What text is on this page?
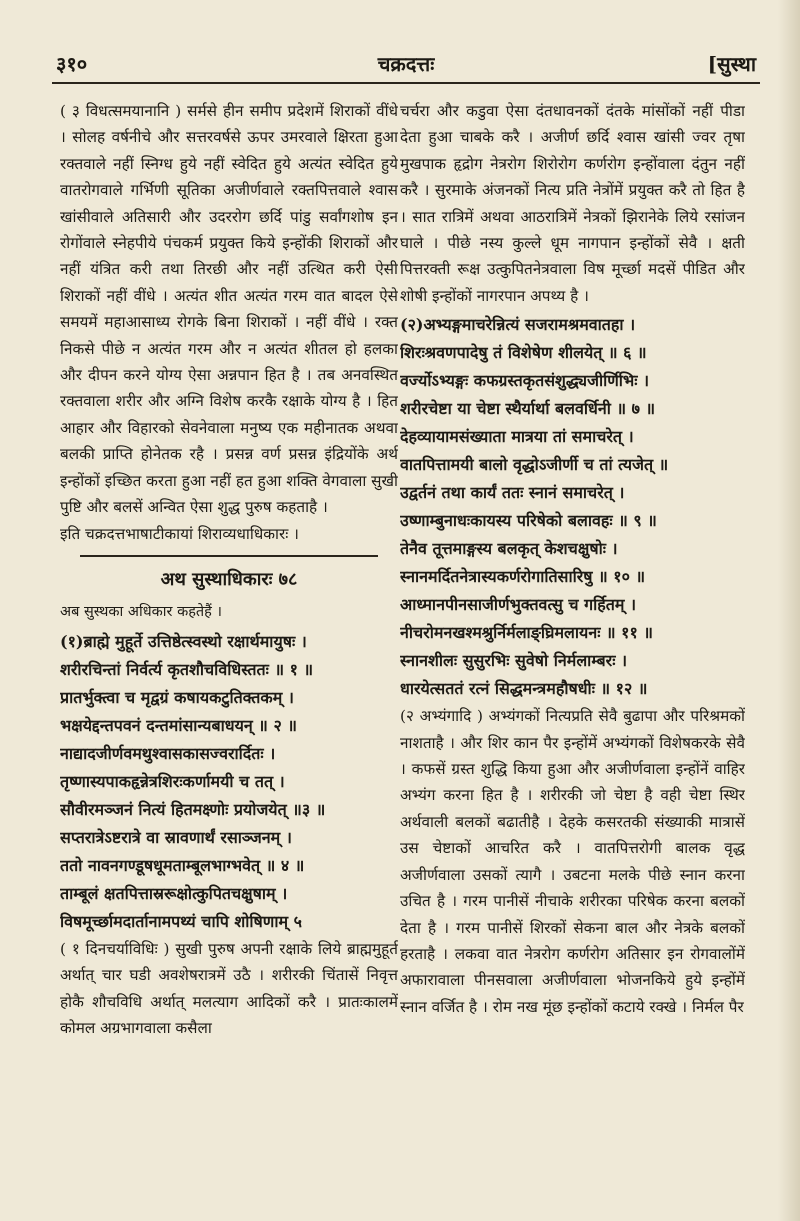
३१०	चक्रदत्तः	[सुस्था

( ३ विधत्समयानानि ) सर्मसे हीन समीप प्रदेशमें शिराकों वींधे । सोलह वर्षनीचे और सत्तरवर्षसे ऊपर उमरवाले क्षिरता हुआ रक्तवाले नहीं स्निग्ध हुये नहीं स्वेदित हुये अत्यंत स्वेदित हुये वातरोगवाले गर्भिणी सूतिका अजीर्णवाले रक्तपित्तवाले श्वास खांसीवाले अतिसारी और उदररोग छर्दि पांडु सर्वांगशोष इन रोगोंवाले स्नेहपीये पंचकर्म प्रयुक्त किये इन्होंकी शिराकों और नहीं यंत्रित करी तथा तिरछी और नहीं उत्थित करी ऐसी शिराकों नहीं वींधे । अत्यंत शीत अत्यंत गरम वात बादल ऐसे समयमें महाआसाध्य रोगके बिना शिराकों । नहीं वींधे । रक्त निकसे पीछे न अत्यंत गरम और न अत्यंत शीतल हो हलका और दीपन करने योग्य ऐसा अन्नपान हित है । तब अनवस्थित रक्तवाला शरीर और अग्नि विशेष करकै रक्षाके योग्य है । हित आहार और विहारको सेवनेवाला मनुष्य एक महीनातक अथवा बलकी प्राप्ति होनेतक रहै । प्रसन्न वर्ण प्रसन्न इंद्रियोंके अर्थ इन्होंकों इच्छित करता हुआ नहीं हत हुआ शक्ति वेगवाला सुखी पुष्टि और बलसें अन्वित ऐसा शुद्ध पुरुष कहताहै ।

इति चक्रदत्तभाषाटीकायां शिराव्यधाधिकारः ।

अथ सुस्थाधिकारः ७८

अब सुस्थका अधिकार कहतेहैं ।

(१)ब्राह्मे मुहूर्ते उत्तिष्ठेत्स्वस्थो रक्षार्थमायुषः ।

शरीरचिन्तां निर्वर्त्य कृतशौचविधिस्ततः ॥ १ ॥

प्रातर्भुक्त्वा च मृद्वग्रं कषायकटुतिक्तकम् ।

भक्षयेद्दन्तपवनं दन्तमांसान्यबाधयन् ॥ २ ॥

नाद्यादजीर्णवमथुश्वासकासज्वरार्दितः ।

तृष्णास्यपाकहृन्नेत्रशिरःकर्णामयी च तत् ।

सौवीरमञ्जनं नित्यं हितमक्ष्णोः प्रयोजयेत् ॥३ ॥

सप्तरात्रेऽष्टरात्रे वा स्रावणार्थं रसाञ्जनम् ।

ततो नावनगण्डूषधूमताम्बूलभाग्भवेत् ॥ ४ ॥

ताम्बूलं क्षतपित्तास्ररूक्षोत्कुपितचक्षुषाम् ।

विषमूर्च्छामदार्तानामपथ्यं चापि शोषिणाम् ५

( १ दिनचर्याविधिः ) सुखी पुरुष अपनी रक्षाके लिये ब्राह्ममुहूर्त अर्थात् चार घडी अवशेषरात्रमें उठै । शरीरकी चिंतासें निवृत्त होकै शौचविधि अर्थात् मलत्याग आदिकों करै । प्रातःकालमें कोमल अग्रभागवाला कसैला

चर्चरा और कडुवा ऐसा दंतधावनकों दंतके मांसोंकों नहीं पीडा देता हुआ चाबके करै । अजीर्ण छर्दि श्वास खांसी ज्वर तृषा मुखपाक हृद्रोग नेत्ररोग शिरोरोग कर्णरोग इन्होंवाला दंतुन नहीं करै । सुरमाके अंजनकों नित्य प्रति नेत्रोंमें प्रयुक्त करै तो हित है । सात रात्रिमें अथवा आठरात्रिमें नेत्रकों झिरानेके लिये रसांजन घाले । पीछे नस्य कुल्ले धूम नागपान इन्होंकों सेवै । क्षती पित्तरक्ती रूक्ष उत्कुपितनेत्रवाला विष मूर्च्छा मदसें पीडित और शोषी इन्होंकों नागरपान अपथ्य है ।

(२)अभ्यङ्गमाचरेन्नित्यं सजरामश्रमवातहा ।

शिरःश्रवणपादेषु तं विशेषेण शीलयेत् ॥ ६ ॥

वर्ज्योऽभ्यङ्गः कफग्रस्तकृतसंशुद्ध्यजीर्णिभिः ।

शरीरचेष्टा या चेष्टा स्थैर्यार्था बलवर्धिनी ॥ ७ ॥

देहव्यायामसंख्याता मात्रया तां समाचरेत् ।

वातपित्तामयी बालो वृद्धोऽजीर्णी च तां त्यजेत् ॥

उद्वर्तनं तथा कार्यं ततः स्नानं समाचरेत् ।

उष्णाम्बुनाधःकायस्य परिषेको बलावहः ॥ ९ ॥

तेनैव तूत्तमाङ्गस्य बलकृत् केशचक्षुषोः ।

स्नानमर्दितनेत्रास्यकर्णरोगातिसारिषु ॥ १० ॥

आध्मानपीनसाजीर्णभुक्तवत्सु च गर्हितम् ।

नीचरोमनखश्मश्रुर्निर्मलाङ्घ्रिमलायनः ॥ ११ ॥

स्नानशीलः सुसुरभिः सुवेषो निर्मलाम्बरः ।

धारयेत्सततं रत्नं सिद्धमन्त्रमहौषधीः ॥ १२ ॥

(२ अभ्यंगादि ) अभ्यंगकों नित्यप्रति सेवै बुढापा और परिश्रमकों नाशताहै । और शिर कान पैर इन्होंमें अभ्यंगकों विशेषकरके सेवै । कफसें ग्रस्त शुद्धि किया हुआ और अजीर्णवाला इन्होंनें वाहिर अभ्यंग करना हित है । शरीरकी जो चेष्टा है वही चेष्टा स्थिर अर्थवाली बलकों बढातीहै । देहके कसरतकी संख्याकी मात्रासें उस चेष्टाकों आचरित करै । वातपित्तरोगी बालक वृद्ध अजीर्णवाला उसकों त्यागै । उबटना मलके पीछे स्नान करना उचित है । गरम पानीसें नीचाके शरीरका परिषेक करना बलकों देता है । गरम पानीसें शिरकों सेकना बाल और नेत्रके बलकों हरताहै । लकवा वात नेत्ररोग कर्णरोग अतिसार इन रोगवालोंमें अफारावाला पीनसवाला अजीर्णवाला भोजनकिये हुये इन्होंमें स्नान वर्जित है । रोम नख मूंछ इन्होंकों कटाये रक्खे । निर्मल पैर
